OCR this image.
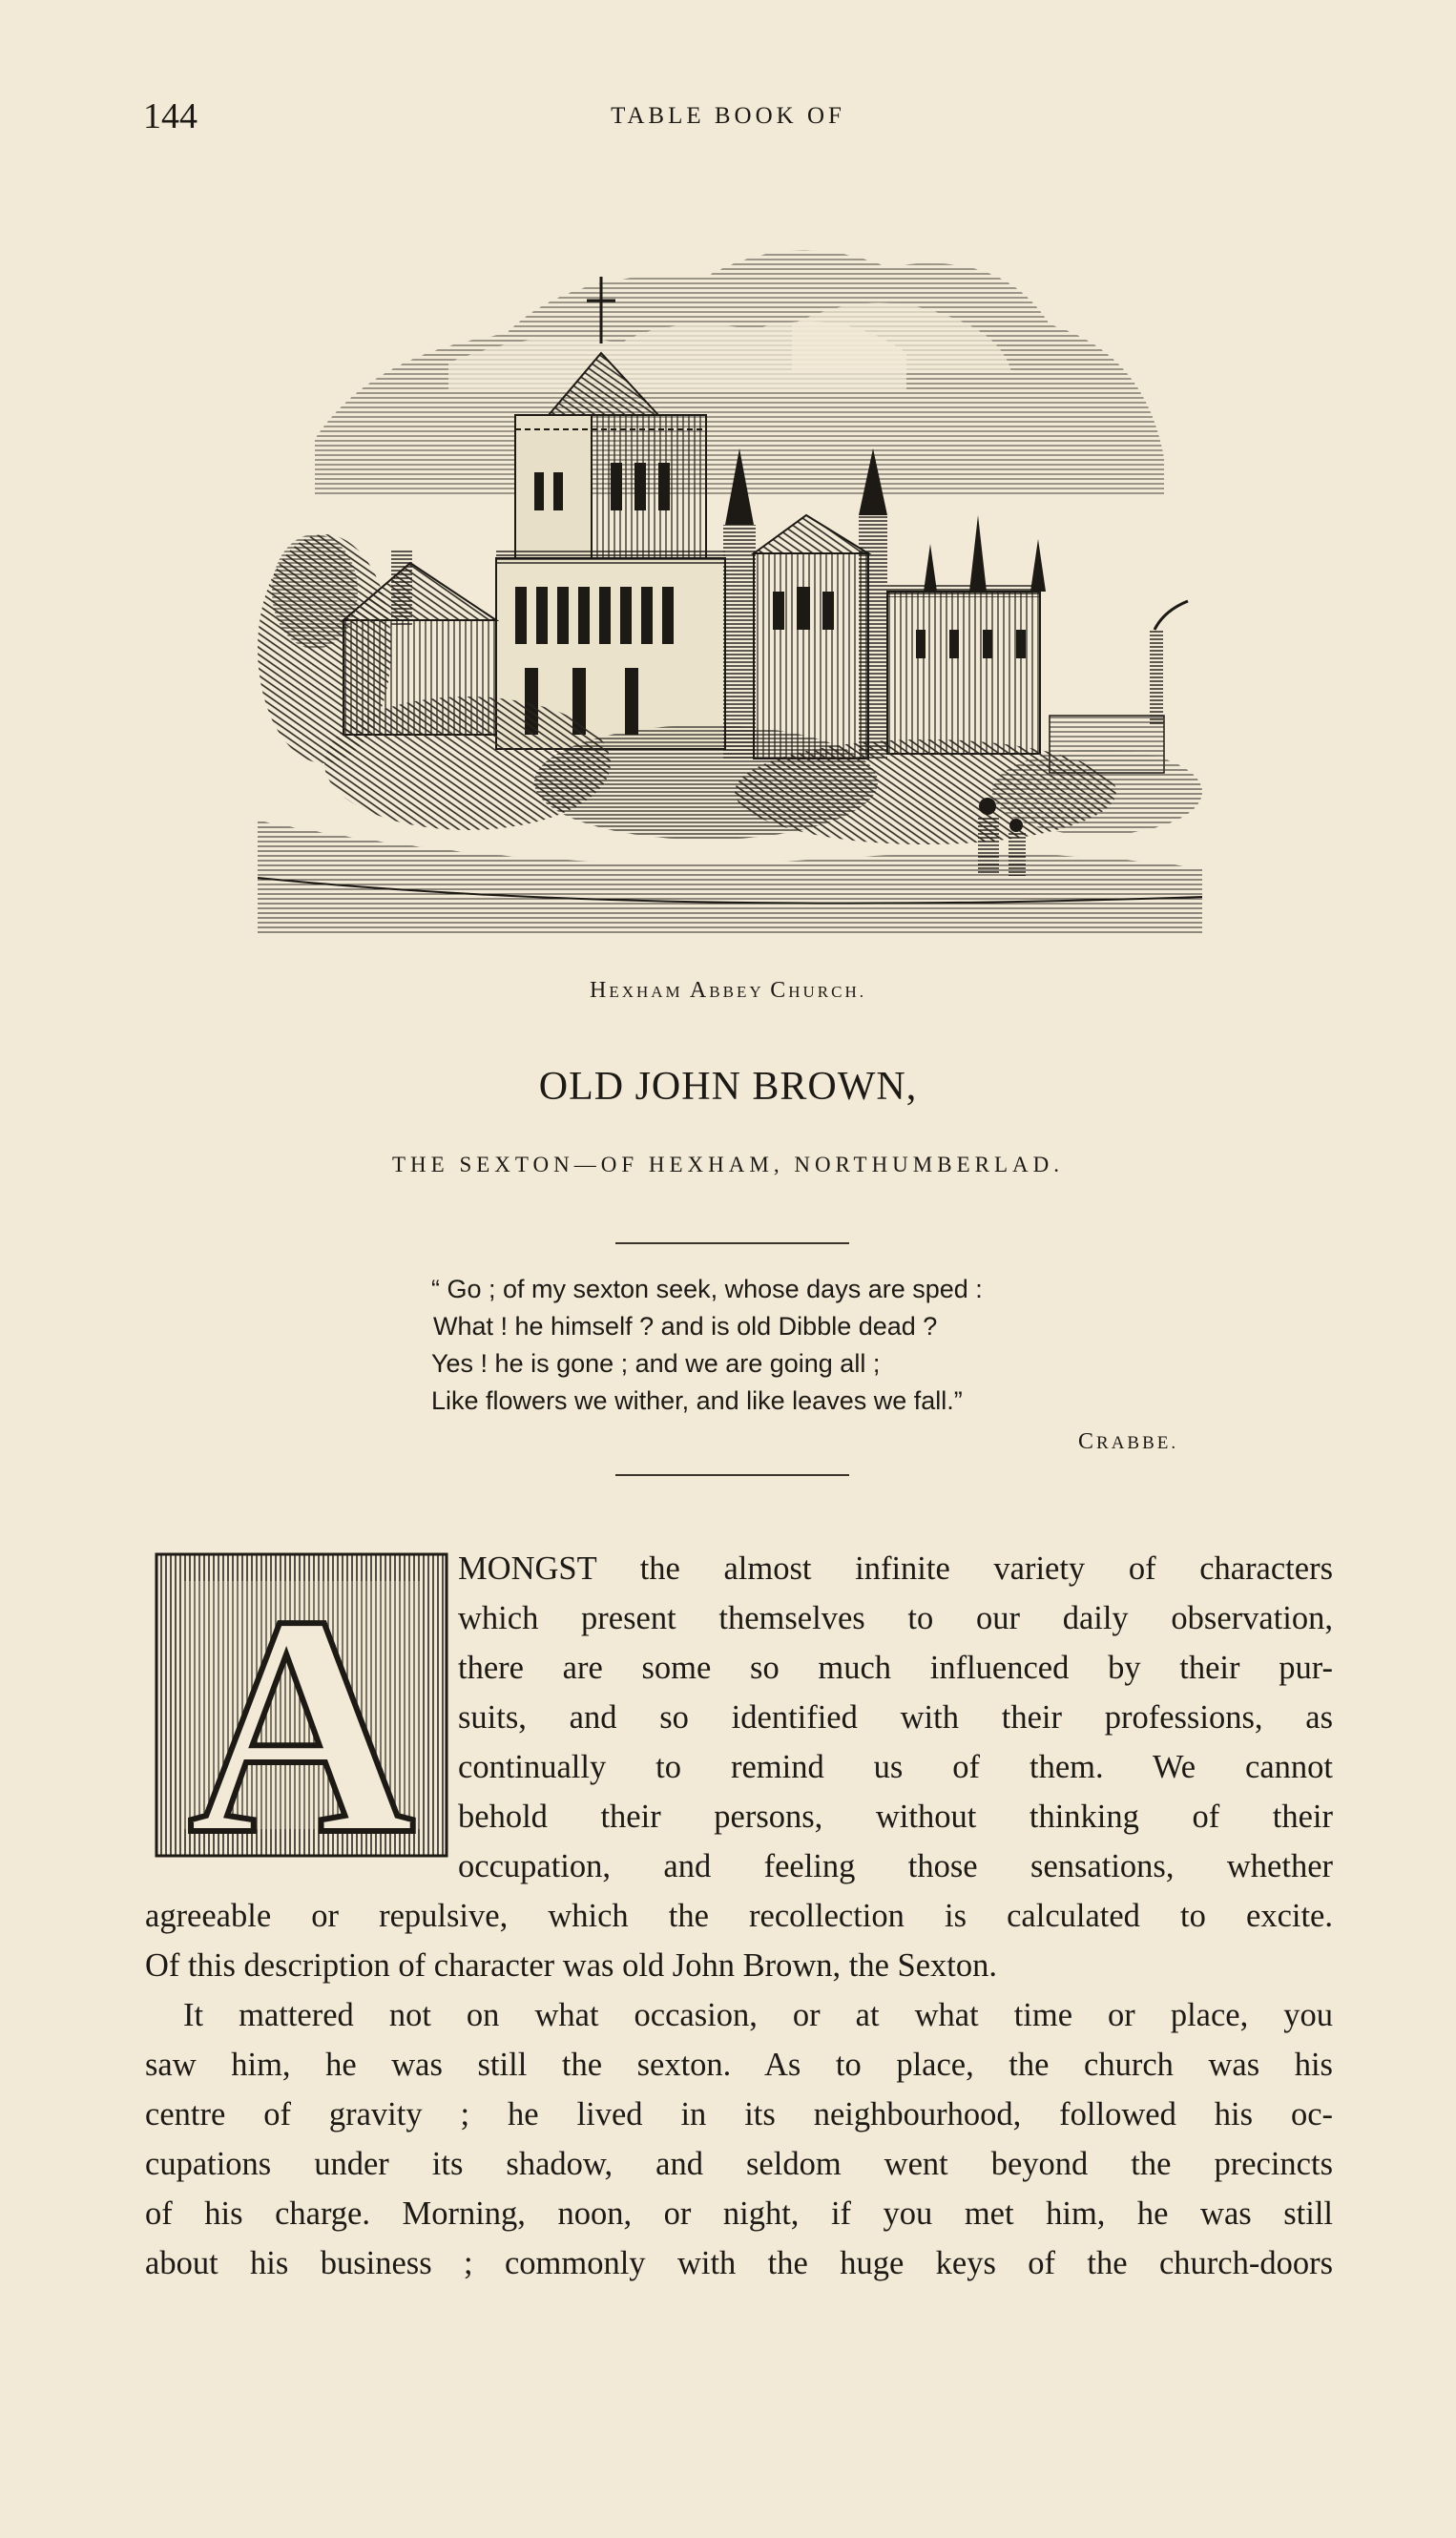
144	TABLE BOOK OF
HEXHAM ABBEY CHURCH.
OLD JOHN BROWN,
THE SEXTON—OF HEXHAM, NORTHUMBERLAD.
“ Go ; of my sexton seek, whose days are sped :
What ! he himself ? and is old Dibble dead ?
Yes ! he is gone ; and we are going all ;
Like flowers we wither, and like leaves we fall.”
CRABBE.
A MONGST the almost infinite variety of characters
which present themselves to our daily observation,
there are some so much influenced by their pur-
suits, and so identified with their professions, as
continually to remind us of them. We cannot
behold their persons, without thinking of their
occupation, and feeling those sensations, whether
agreeable or repulsive, which the recollection is calculated to excite.
Of this description of character was old John Brown, the Sexton.
It mattered not on what occasion, or at what time or place, you
saw him, he was still the sexton. As to place, the church was his
centre of gravity ; he lived in its neighbourhood, followed his oc-
cupations under its shadow, and seldom went beyond the precincts
of his charge. Morning, noon, or night, if you met him, he was still
about his business ; commonly with the huge keys of the church-doors
